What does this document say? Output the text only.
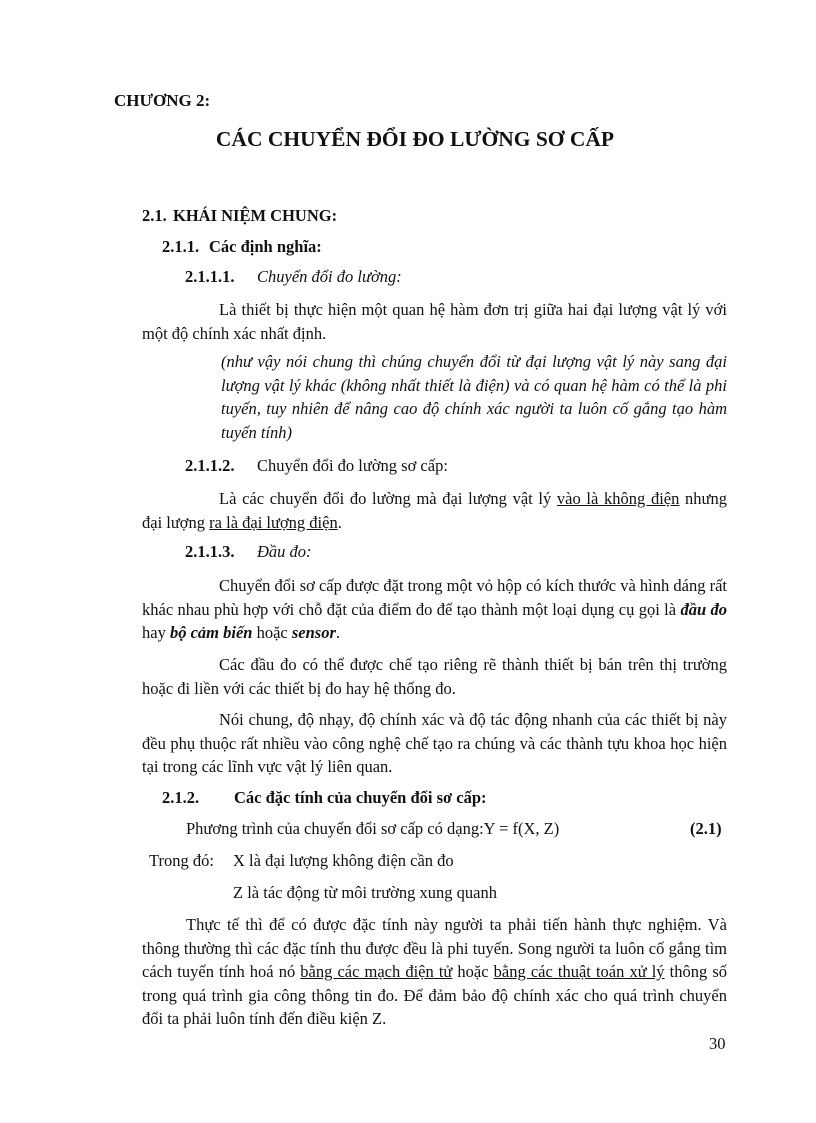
CHƯƠNG 2:
CÁC CHUYỂN ĐỔI ĐO LƯỜNG SƠ CẤP
2.1. KHÁI NIỆM CHUNG:
2.1.1. Các định nghĩa:
2.1.1.1. Chuyển đổi đo lường:
Là thiết bị thực hiện một quan hệ hàm đơn trị giữa hai đại lượng vật lý với một độ chính xác nhất định.
(như vậy nói chung thì chúng chuyển đổi từ đại lượng vật lý này sang đại lượng vật lý khác (không nhất thiết là điện) và có quan hệ hàm có thể là phi tuyến, tuy nhiên để nâng cao độ chính xác người ta luôn cố gắng tạo hàm tuyến tính)
2.1.1.2. Chuyển đổi đo lường sơ cấp:
Là các chuyển đổi đo lường mà đại lượng vật lý vào là không điện nhưng đại lượng ra là đại lượng điện.
2.1.1.3. Đầu đo:
Chuyển đổi sơ cấp được đặt trong một vỏ hộp có kích thước và hình dáng rất khác nhau phù hợp với chỗ đặt của điểm đo để tạo thành một loại dụng cụ gọi là đầu đo hay bộ cảm biến hoặc sensor.
Các đầu đo có thể được chế tạo riêng rẽ thành thiết bị bán trên thị trường hoặc đi liền với các thiết bị đo hay hệ thống đo.
Nói chung, độ nhạy, độ chính xác và độ tác động nhanh của các thiết bị này đều phụ thuộc rất nhiều vào công nghệ chế tạo ra chúng và các thành tựu khoa học hiện tại trong các lĩnh vực vật lý liên quan.
2.1.2. Các đặc tính của chuyển đổi sơ cấp:
Phương trình của chuyển đổi sơ cấp có dạng:Y = f(X, Z)	(2.1)
Trong đó: X là đại lượng không điện cần đo
Z là tác động từ môi trường xung quanh
Thực tế thì để có được đặc tính này người ta phải tiến hành thực nghiệm. Và thông thường thì các đặc tính thu được đều là phi tuyến. Song người ta luôn cố gắng tìm cách tuyến tính hoá nó bằng các mạch điện tử hoặc bằng các thuật toán xử lý thông số trong quá trình gia công thông tin đo. Để đảm bảo độ chính xác cho quá trình chuyển đổi ta phải luôn tính đến điều kiện Z.
30
